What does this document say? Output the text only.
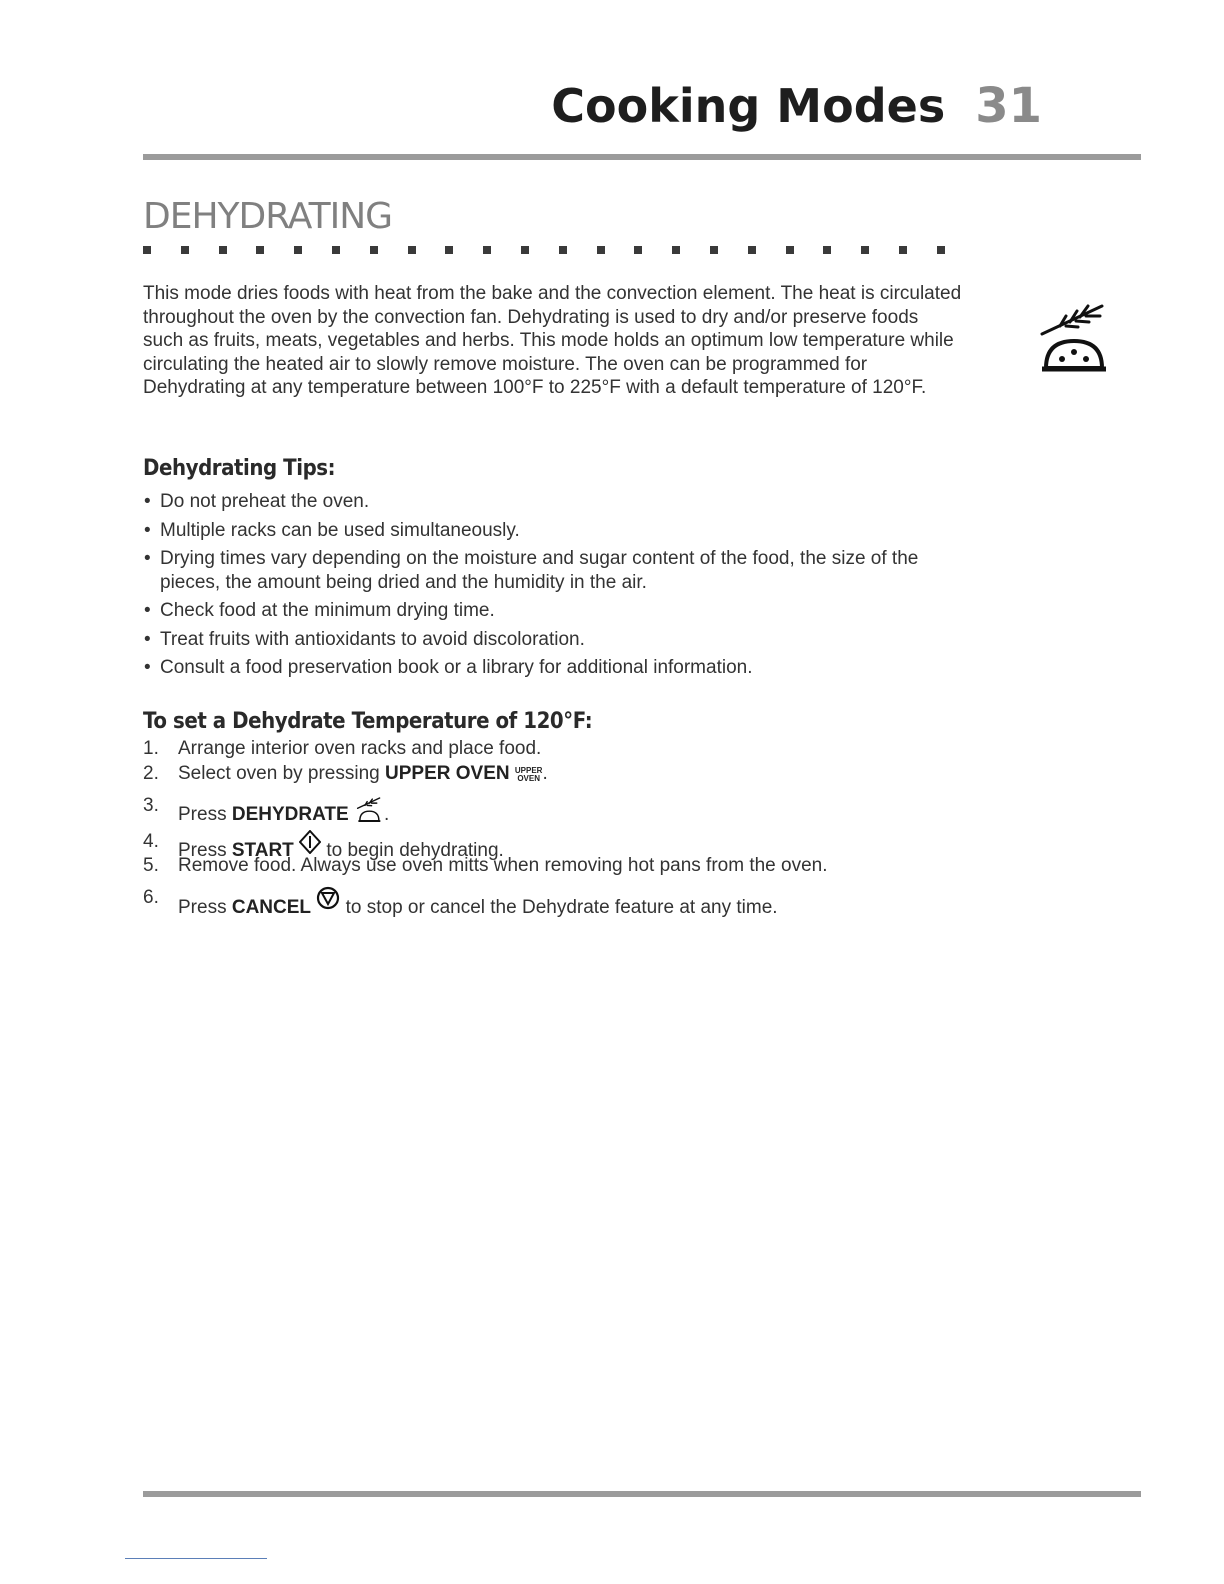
Cooking Modes 31
DEHYDRATING
This mode dries foods with heat from the bake and the convection element. The heat is circulated throughout the oven by the convection fan. Dehydrating is used to dry and/or preserve foods such as fruits, meats, vegetables and herbs. This mode holds an optimum low temperature while circulating the heated air to slowly remove moisture. The oven can be programmed for Dehydrating at any temperature between 100°F to 225°F with a default temperature of 120°F.
Dehydrating Tips:
• Do not preheat the oven.
• Multiple racks can be used simultaneously.
• Drying times vary depending on the moisture and sugar content of the food, the size of the pieces, the amount being dried and the humidity in the air.
• Check food at the minimum drying time.
• Treat fruits with antioxidants to avoid discoloration.
• Consult a food preservation book or a library for additional information.
To set a Dehydrate Temperature of 120°F:
1. Arrange interior oven racks and place food.
2. Select oven by pressing UPPER OVEN UPPER
OVEN .
3. Press DEHYDRATE .
4. Press START to begin dehydrating.
5. Remove food. Always use oven mitts when removing hot pans from the oven.
6. Press CANCEL to stop or cancel the Dehydrate feature at any time.
